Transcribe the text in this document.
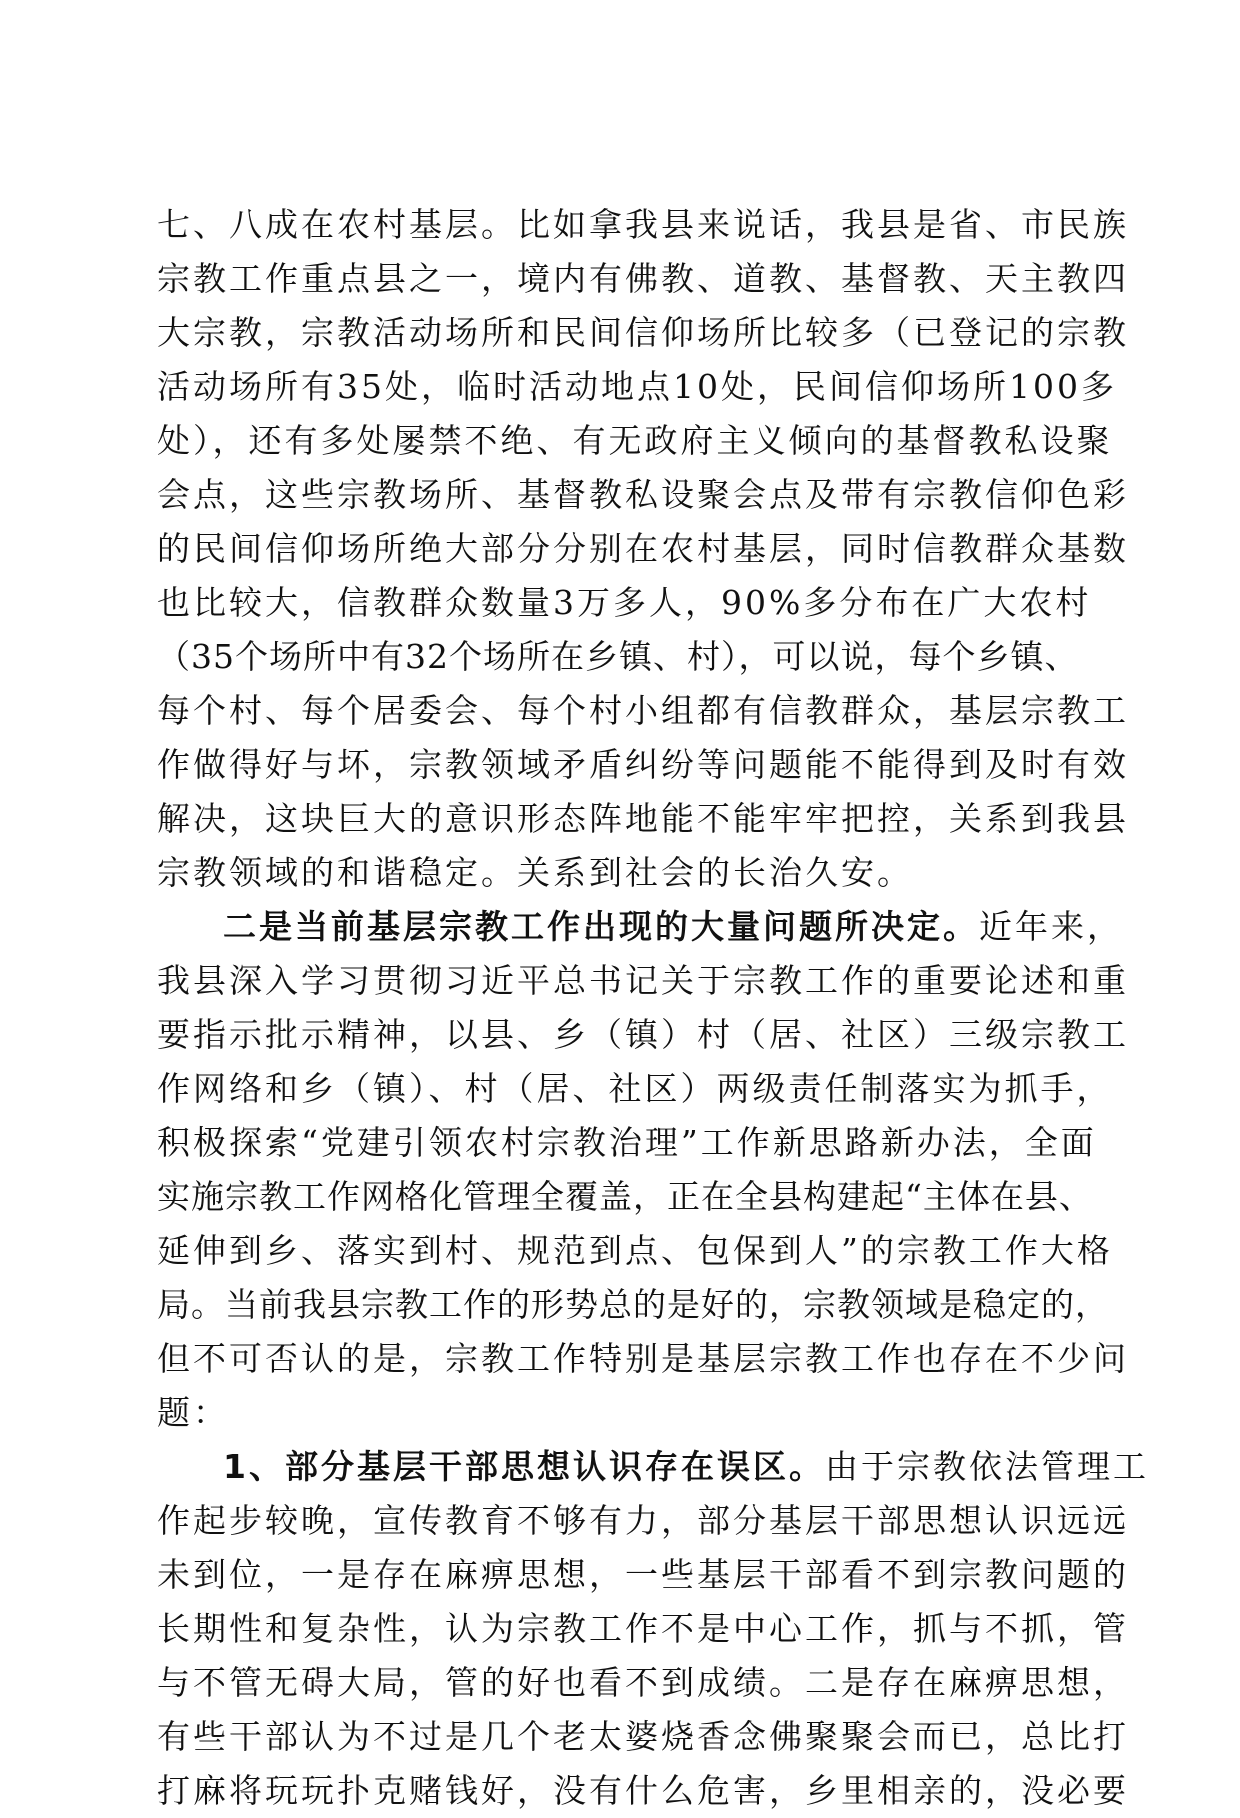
七、八成在农村基层。比如拿我县来说话，我县是省、市民族
宗教工作重点县之一，境内有佛教、道教、基督教、天主教四
大宗教，宗教活动场所和民间信仰场所比较多（已登记的宗教
活动场所有35处，临时活动地点10处，民间信仰场所100多
处），还有多处屡禁不绝、有无政府主义倾向的基督教私设聚
会点，这些宗教场所、基督教私设聚会点及带有宗教信仰色彩
的民间信仰场所绝大部分分别在农村基层，同时信教群众基数
也比较大，信教群众数量3万多人，90%多分布在广大农村
（35个场所中有32个场所在乡镇、村），可以说，每个乡镇、
每个村、每个居委会、每个村小组都有信教群众，基层宗教工
作做得好与坏，宗教领域矛盾纠纷等问题能不能得到及时有效
解决，这块巨大的意识形态阵地能不能牢牢把控，关系到我县
宗教领域的和谐稳定。关系到社会的长治久安。
二是当前基层宗教工作出现的大量问题所决定。近年来，
我县深入学习贯彻习近平总书记关于宗教工作的重要论述和重
要指示批示精神，以县、乡（镇）村（居、社区）三级宗教工
作网络和乡（镇）、村（居、社区）两级责任制落实为抓手，
积极探索“党建引领农村宗教治理”工作新思路新办法，全面
实施宗教工作网格化管理全覆盖，正在全县构建起“主体在县、
延伸到乡、落实到村、规范到点、包保到人”的宗教工作大格
局。当前我县宗教工作的形势总的是好的，宗教领域是稳定的，
但不可否认的是，宗教工作特别是基层宗教工作也存在不少问
题：
1、部分基层干部思想认识存在误区。由于宗教依法管理工
作起步较晚，宣传教育不够有力，部分基层干部思想认识远远
未到位，一是存在麻痹思想，一些基层干部看不到宗教问题的
长期性和复杂性，认为宗教工作不是中心工作，抓与不抓，管
与不管无碍大局，管的好也看不到成绩。二是存在麻痹思想，
有些干部认为不过是几个老太婆烧香念佛聚聚会而已，总比打
打麻将玩玩扑克赌钱好，没有什么危害，乡里相亲的，没必要
